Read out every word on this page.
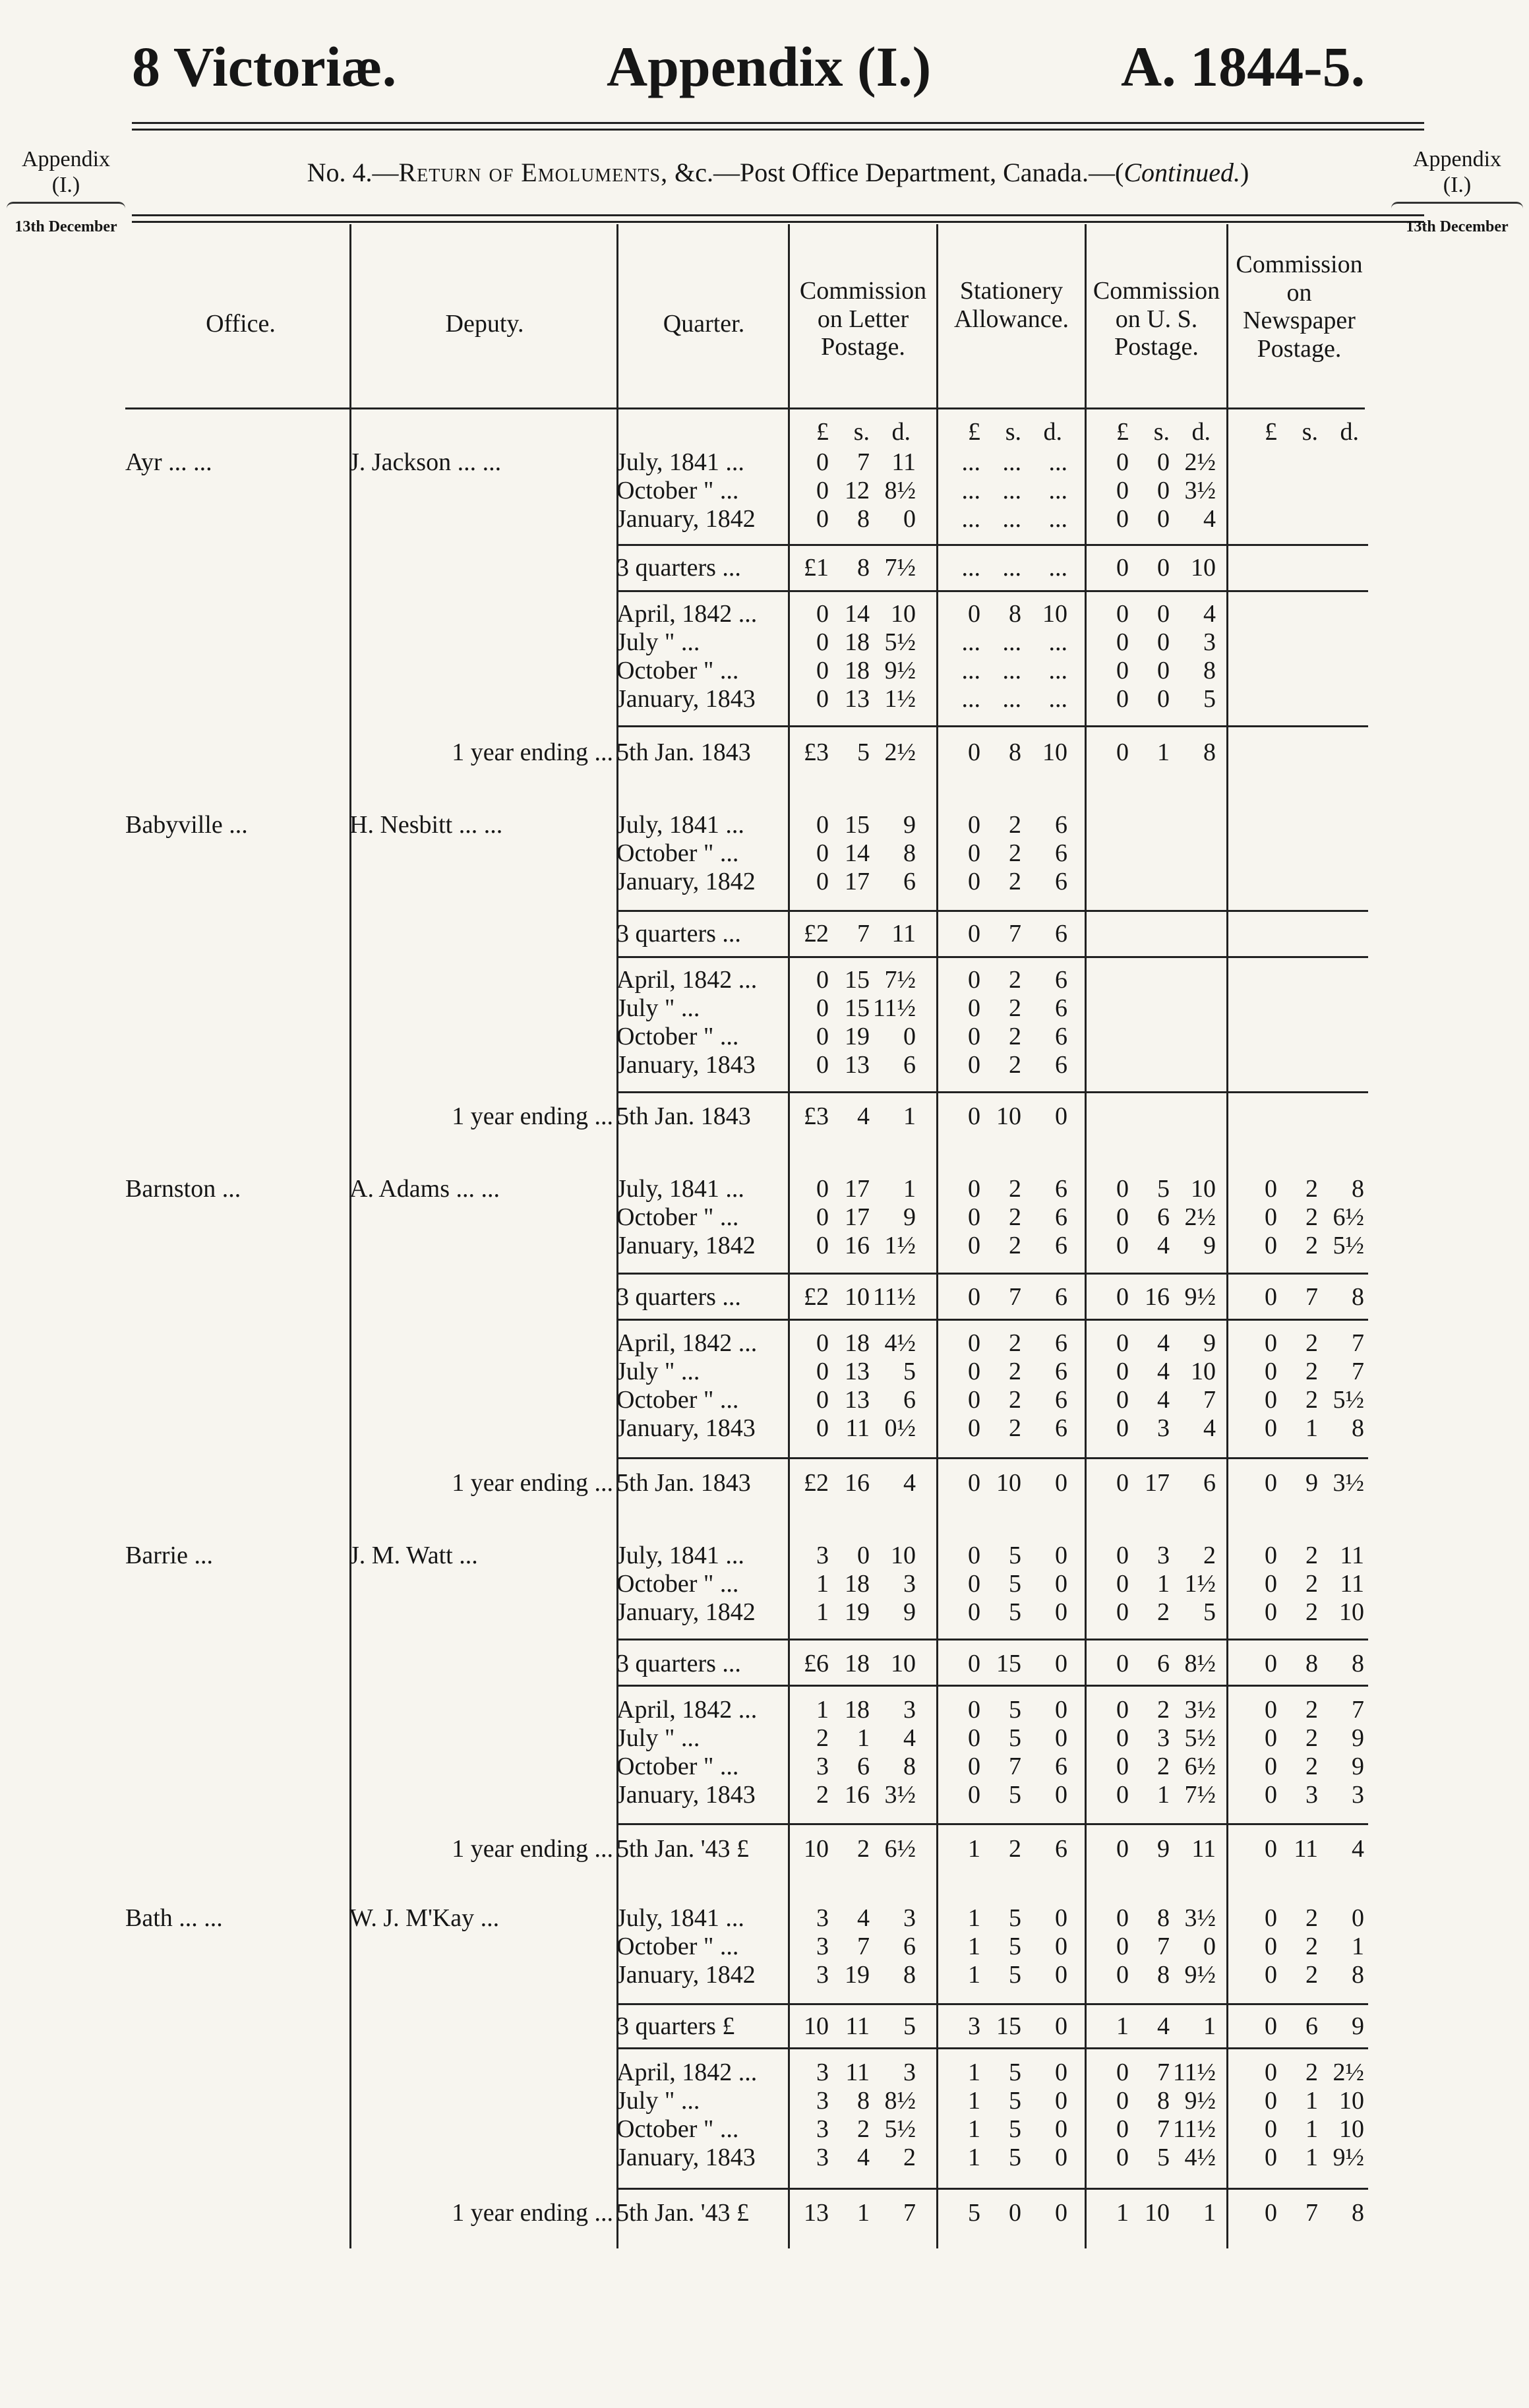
8 Victoriæ.	Appendix (I.)	A. 1844-5.
No. 4.—Return of Emoluments, &c.—Post Office Department, Canada.—(Continued.)
Appendix
(I.)
13th December
Appendix
(I.)
13th December
Office.	Deputy.	Quarter.
Commission
on Letter
Postage.
Stationery
Allowance.
Commission
on U. S.
Postage.
Commission
on
Newspaper
Postage.
£ s. d.	£ s. d.	£ s. d.	£ s. d.
Ayr ... ...	J. Jackson ... ...	July, 1841 ...	0 7 11	... ... ...	0 0 2½
October " ...	0 12 8½	... ... ...	0 0 3½
January, 1842	0 8 0	... ... ...	0 0 4
3 quarters ...	£1 8 7½	... ... ...	0 0 10
April, 1842 ...	0 14 10	0 8 10	0 0 4
July " ...	0 18 5½	... ... ...	0 0 3
October " ...	0 18 9½	... ... ...	0 0 8
January, 1843	0 13 1½	... ... ...	0 0 5
1 year ending ... 5th Jan. 1843	£3 5 2½	0 8 10	0 1 8
Babyville ...	H. Nesbitt ... ...	July, 1841 ...	0 15 9	0 2 6
October " ...	0 14 8	0 2 6
January, 1842	0 17 6	0 2 6
3 quarters ...	£2 7 11	0 7 6
April, 1842 ...	0 15 7½	0 2 6
July " ...	0 15 11½	0 2 6
October " ...	0 19 0	0 2 6
January, 1843	0 13 6	0 2 6
1 year ending ... 5th Jan. 1843	£3 4 1	0 10 0
Barnston ...	A. Adams ... ...	July, 1841 ...	0 17 1	0 2 6	0 5 10	0 2 8
October " ...	0 17 9	0 2 6	0 6 2½	0 2 6½
January, 1842	0 16 1½	0 2 6	0 4 9	0 2 5½
3 quarters ...	£2 10 11½	0 7 6	0 16 9½	0 7 8
April, 1842 ...	0 18 4½	0 2 6	0 4 9	0 2 7
July " ...	0 13 5	0 2 6	0 4 10	0 2 7
October " ...	0 13 6	0 2 6	0 4 7	0 2 5½
January, 1843	0 11 0½	0 2 6	0 3 4	0 1 8
1 year ending ... 5th Jan. 1843	£2 16 4	0 10 0	0 17 6	0 9 3½
Barrie ...	J. M. Watt ...	July, 1841 ...	3 0 10	0 5 0	0 3 2	0 2 11
October " ...	1 18 3	0 5 0	0 1 1½	0 2 11
January, 1842	1 19 9	0 5 0	0 2 5	0 2 10
3 quarters ...	£6 18 10	0 15 0	0 6 8½	0 8 8
April, 1842 ...	1 18 3	0 5 0	0 2 3½	0 2 7
July " ...	2 1 4	0 5 0	0 3 5½	0 2 9
October " ...	3 6 8	0 7 6	0 2 6½	0 2 9
January, 1843	2 16 3½	0 5 0	0 1 7½	0 3 3
1 year ending ... 5th Jan. '43 £	10 2 6½	1 2 6	0 9 11	0 11 4
Bath ... ...	W. J. M'Kay ...	July, 1841 ...	3 4 3	1 5 0	0 8 3½	0 2 0
October " ...	3 7 6	1 5 0	0 7 0	0 2 1
January, 1842	3 19 8	1 5 0	0 8 9½	0 2 8
3 quarters £	10 11 5	3 15 0	1 4 1	0 6 9
April, 1842 ...	3 11 3	1 5 0	0 7 11½	0 2 2½
July " ...	3 8 8½	1 5 0	0 8 9½	0 1 10
October " ...	3 2 5½	1 5 0	0 7 11½	0 1 10
January, 1843	3 4 2	1 5 0	0 5 4½	0 1 9½
1 year ending ... 5th Jan. '43 £	13 1 7	5 0 0	1 10 1	0 7 8
